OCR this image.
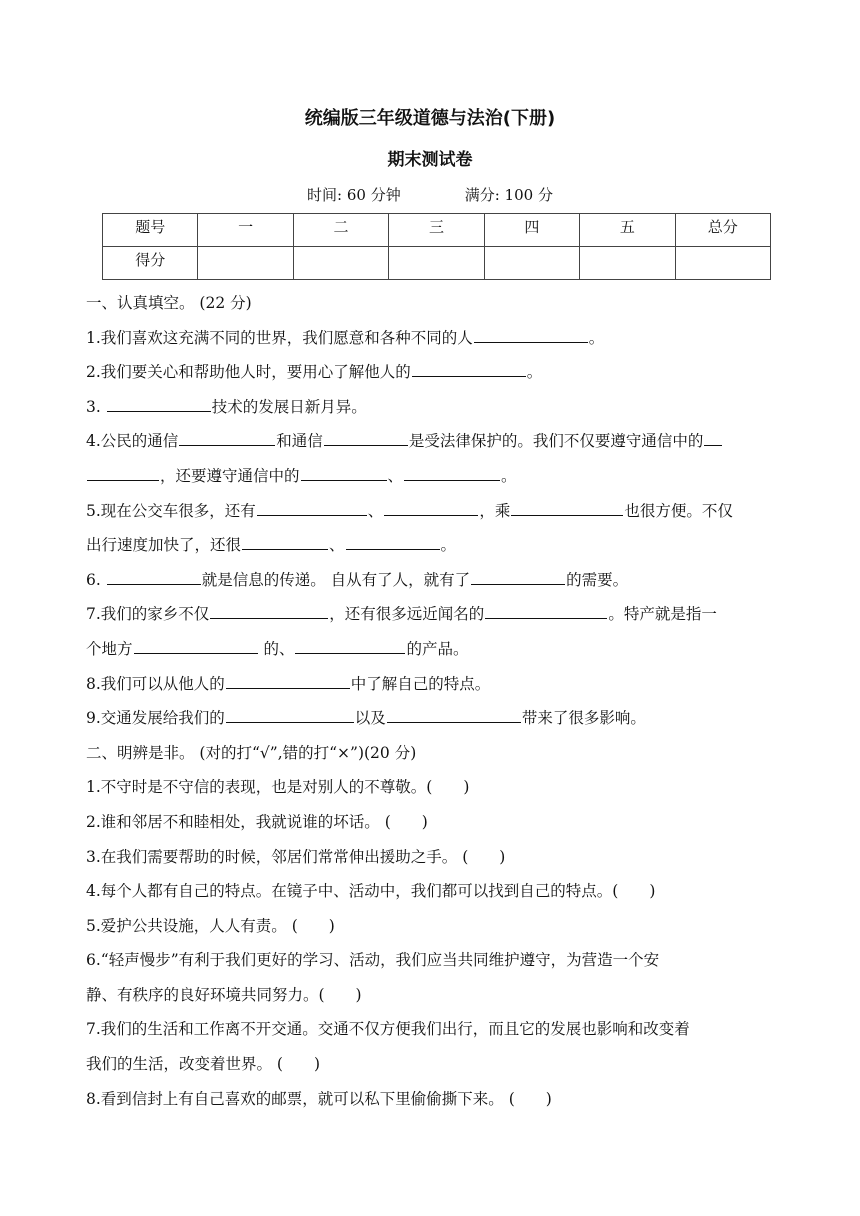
统编版三年级道德与法治(下册)
期末测试卷
时间: 60 分钟	满分: 100 分
题号	一	二	三	四	五	总分
得分						
一、认真填空。 (22 分)
1.我们喜欢这充满不同的世界，我们愿意和各种不同的人	。
2.我们要关心和帮助他人时，要用心了解他人的	。
3.	技术的发展日新月异。
4.公民的通信	和通信	是受法律保护的。我们不仅要遵守通信中的
，还要遵守通信中的	、	。
5.现在公交车很多，还有	、	，乘	也很方便。不仅
出行速度加快了，还很	、	。
6.	就是信息的传递。 自从有了人，就有了	的需要。
7.我们的家乡不仅	，还有很多远近闻名的	。特产就是指一
个地方	的、	的产品。
8.我们可以从他人的	中了解自己的特点。
9.交通发展给我们的	以及	带来了很多影响。
二、明辨是非。 (对的打“√”,错的打“×”)(20 分)
1.不守时是不守信的表现，也是对别人的不尊敬。(　　)
2.谁和邻居不和睦相处，我就说谁的坏话。 (　　)
3.在我们需要帮助的时候，邻居们常常伸出援助之手。 (　　)
4.每个人都有自己的特点。在镜子中、活动中，我们都可以找到自己的特点。(　　)
5.爱护公共设施，人人有责。 (　　)
6.“轻声慢步”有利于我们更好的学习、活动，我们应当共同维护遵守，为营造一个安
静、有秩序的良好环境共同努力。(　　)
7.我们的生活和工作离不开交通。交通不仅方便我们出行，而且它的发展也影响和改变着
我们的生活，改变着世界。 (　　)
8.看到信封上有自己喜欢的邮票，就可以私下里偷偷撕下来。 (　　)
